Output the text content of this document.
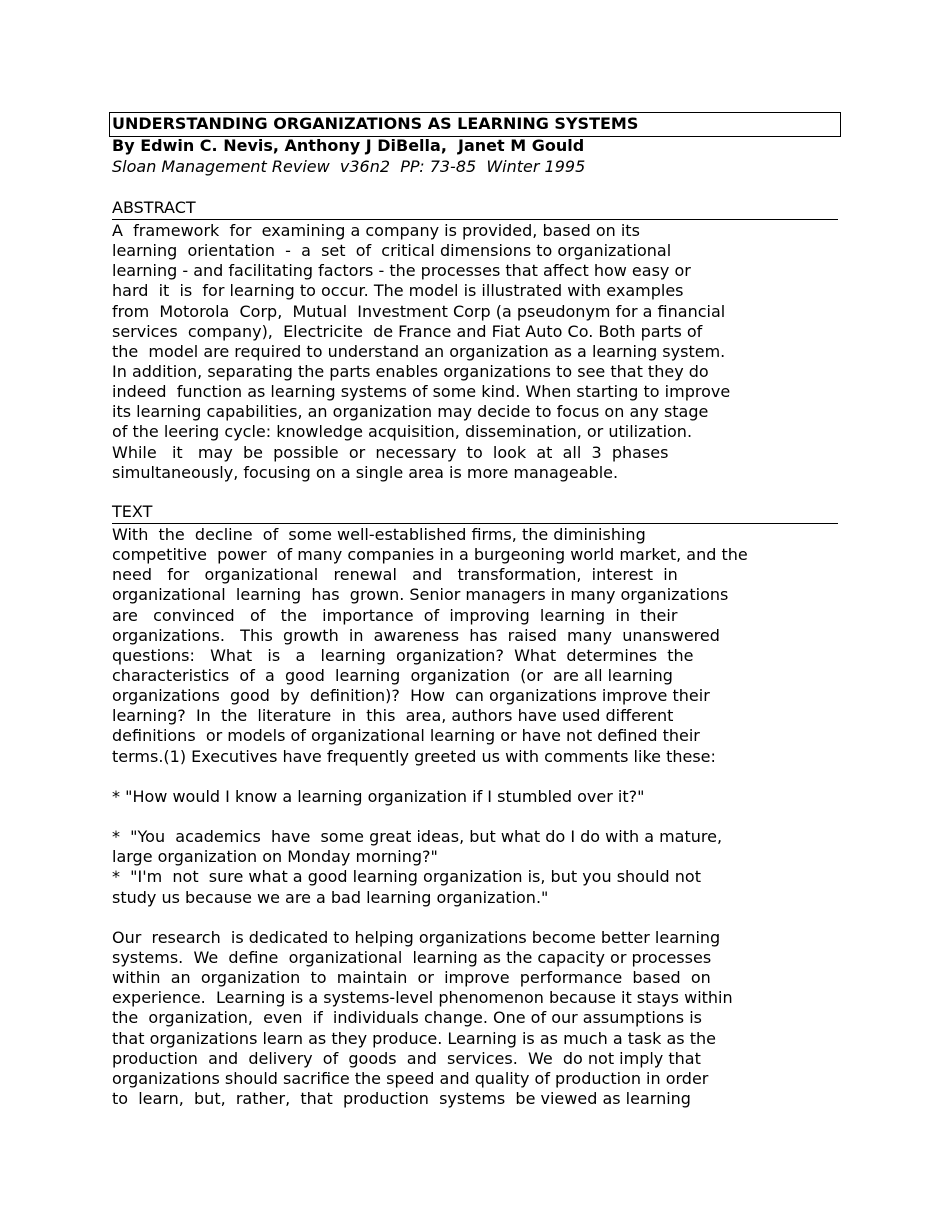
UNDERSTANDING ORGANIZATIONS AS LEARNING SYSTEMS
By Edwin C. Nevis, Anthony J DiBella,  Janet M Gould
Sloan Management Review  v36n2  PP: 73-85  Winter 1995
ABSTRACT
A  framework  for  examining a company is provided, based on its
learning  orientation  -  a  set  of  critical dimensions to organizational
learning - and facilitating factors - the processes that affect how easy or
hard  it  is  for learning to occur. The model is illustrated with examples
from  Motorola  Corp,  Mutual  Investment Corp (a pseudonym for a financial
services  company),  Electricite  de France and Fiat Auto Co. Both parts of
the  model are required to understand an organization as a learning system.
In addition, separating the parts enables organizations to see that they do
indeed  function as learning systems of some kind. When starting to improve
its learning capabilities, an organization may decide to focus on any stage
of the leering cycle: knowledge acquisition, dissemination, or utilization.
While   it   may  be  possible  or  necessary  to  look  at  all  3  phases
simultaneously, focusing on a single area is more manageable.
TEXT
With  the  decline  of  some well-established firms, the diminishing
competitive  power  of many companies in a burgeoning world market, and the
need   for   organizational   renewal   and   transformation,  interest  in
organizational  learning  has  grown. Senior managers in many organizations
are   convinced   of   the   importance  of  improving  learning  in  their
organizations.   This  growth  in  awareness  has  raised  many  unanswered
questions:   What   is   a   learning  organization?  What  determines  the
characteristics  of  a  good  learning  organization  (or  are all learning
organizations  good  by  definition)?  How  can organizations improve their
learning?  In  the  literature  in  this  area, authors have used different
definitions  or models of organizational learning or have not defined their
terms.(1) Executives have frequently greeted us with comments like these:
* "How would I know a learning organization if I stumbled over it?"
*  "You  academics  have  some great ideas, but what do I do with a mature,
large organization on Monday morning?"
*  "I'm  not  sure what a good learning organization is, but you should not
study us because we are a bad learning organization."
Our  research  is dedicated to helping organizations become better learning
systems.  We  define  organizational  learning as the capacity or processes
within  an  organization  to  maintain  or  improve  performance  based  on
experience.  Learning is a systems-level phenomenon because it stays within
the  organization,  even  if  individuals change. One of our assumptions is
that organizations learn as they produce. Learning is as much a task as the
production  and  delivery  of  goods  and  services.  We  do not imply that
organizations should sacrifice the speed and quality of production in order
to  learn,  but,  rather,  that  production  systems  be viewed as learning
